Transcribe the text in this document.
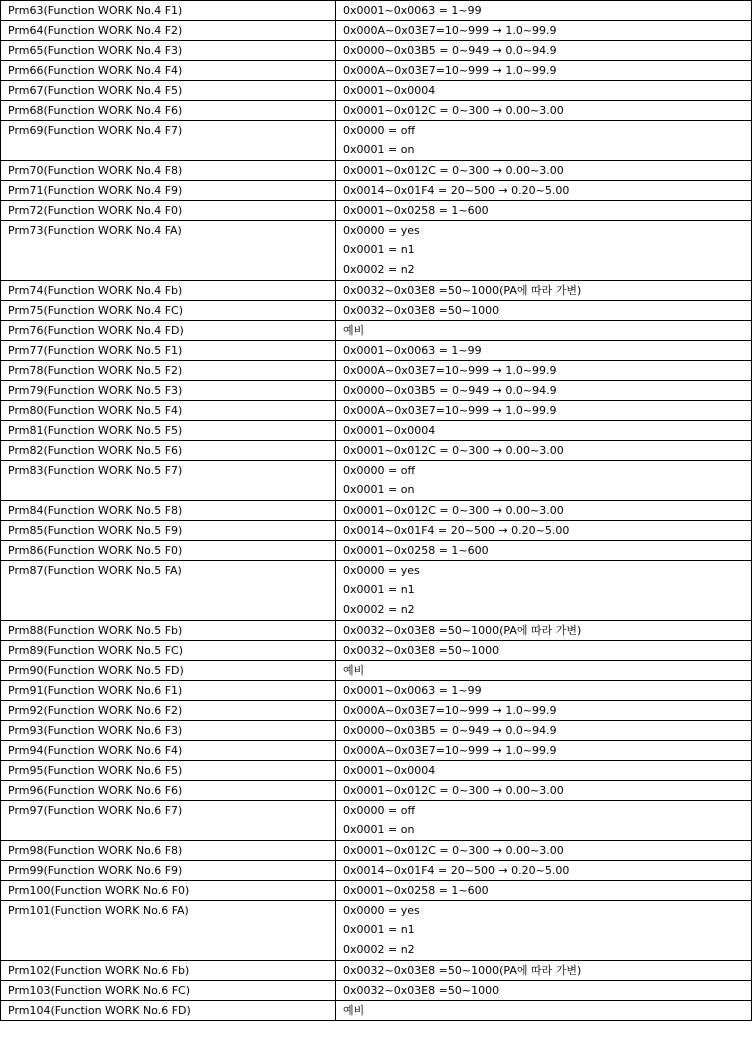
Prm63(Function WORK No.4 F1)	0x0001~0x0063 = 1~99

Prm64(Function WORK No.4 F2)	0x000A~0x03E7=10~999 → 1.0~99.9

Prm65(Function WORK No.4 F3)	0x0000~0x03B5 = 0~949 → 0.0~94.9

Prm66(Function WORK No.4 F4)	0x000A~0x03E7=10~999 → 1.0~99.9

Prm67(Function WORK No.4 F5)	0x0001~0x0004

Prm68(Function WORK No.4 F6)	0x0001~0x012C = 0~300 → 0.00~3.00

Prm69(Function WORK No.4 F7)	0x0000 = off
0x0001 = on

Prm70(Function WORK No.4 F8)	0x0001~0x012C = 0~300 → 0.00~3.00

Prm71(Function WORK No.4 F9)	0x0014~0x01F4 = 20~500 → 0.20~5.00

Prm72(Function WORK No.4 F0)	0x0001~0x0258 = 1~600

Prm73(Function WORK No.4 FA)	0x0000 = yes
0x0001 = n1
0x0002 = n2

Prm74(Function WORK No.4 Fb)	0x0032~0x03E8 =50~1000(PA에 따라 가변)

Prm75(Function WORK No.4 FC)	0x0032~0x03E8 =50~1000

Prm76(Function WORK No.4 FD)	예비

Prm77(Function WORK No.5 F1)	0x0001~0x0063 = 1~99

Prm78(Function WORK No.5 F2)	0x000A~0x03E7=10~999 → 1.0~99.9

Prm79(Function WORK No.5 F3)	0x0000~0x03B5 = 0~949 → 0.0~94.9

Prm80(Function WORK No.5 F4)	0x000A~0x03E7=10~999 → 1.0~99.9

Prm81(Function WORK No.5 F5)	0x0001~0x0004

Prm82(Function WORK No.5 F6)	0x0001~0x012C = 0~300 → 0.00~3.00

Prm83(Function WORK No.5 F7)	0x0000 = off
0x0001 = on

Prm84(Function WORK No.5 F8)	0x0001~0x012C = 0~300 → 0.00~3.00

Prm85(Function WORK No.5 F9)	0x0014~0x01F4 = 20~500 → 0.20~5.00

Prm86(Function WORK No.5 F0)	0x0001~0x0258 = 1~600

Prm87(Function WORK No.5 FA)	0x0000 = yes
0x0001 = n1
0x0002 = n2

Prm88(Function WORK No.5 Fb)	0x0032~0x03E8 =50~1000(PA에 따라 가변)

Prm89(Function WORK No.5 FC)	0x0032~0x03E8 =50~1000

Prm90(Function WORK No.5 FD)	예비

Prm91(Function WORK No.6 F1)	0x0001~0x0063 = 1~99

Prm92(Function WORK No.6 F2)	0x000A~0x03E7=10~999 → 1.0~99.9

Prm93(Function WORK No.6 F3)	0x0000~0x03B5 = 0~949 → 0.0~94.9

Prm94(Function WORK No.6 F4)	0x000A~0x03E7=10~999 → 1.0~99.9

Prm95(Function WORK No.6 F5)	0x0001~0x0004

Prm96(Function WORK No.6 F6)	0x0001~0x012C = 0~300 → 0.00~3.00

Prm97(Function WORK No.6 F7)	0x0000 = off
0x0001 = on

Prm98(Function WORK No.6 F8)	0x0001~0x012C = 0~300 → 0.00~3.00

Prm99(Function WORK No.6 F9)	0x0014~0x01F4 = 20~500 → 0.20~5.00

Prm100(Function WORK No.6 F0)	0x0001~0x0258 = 1~600

Prm101(Function WORK No.6 FA)	0x0000 = yes
0x0001 = n1
0x0002 = n2

Prm102(Function WORK No.6 Fb)	0x0032~0x03E8 =50~1000(PA에 따라 가변)

Prm103(Function WORK No.6 FC)	0x0032~0x03E8 =50~1000

Prm104(Function WORK No.6 FD)	예비
